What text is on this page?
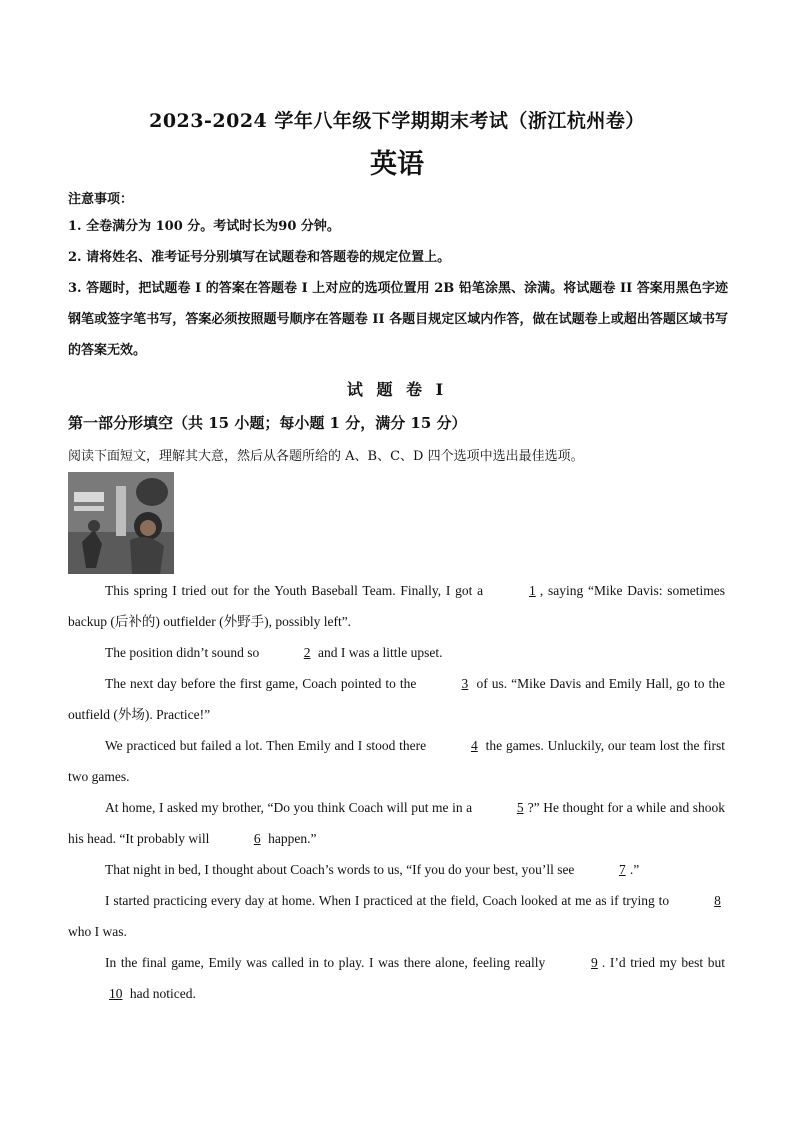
2023-2024 学年八年级下学期期末考试（浙江杭州卷）
英语
注意事项：
1. 全卷满分为 100 分。考试时长为90 分钟。
2. 请将姓名、准考证号分别填写在试题卷和答题卷的规定位置上。
3. 答题时，把试题卷 I 的答案在答题卷 I 上对应的选项位置用 2B 铅笔涂黑、涂满。将试题卷 II 答案用黑色字迹钢笔或签字笔书写，答案必须按照题号顺序在答题卷 II 各题目规定区域内作答，做在试题卷上或超出答题区域书写的答案无效。
试 题 卷 I
第一部分形填空（共 15 小题；每小题 1 分，满分 15 分）
阅读下面短文，理解其大意，然后从各题所给的 A、B、C、D 四个选项中选出最佳选项。

This spring I tried out for the Youth Baseball Team. Finally, I got a	1 , saying “Mike Davis: sometimes backup (后补的) outfielder (外野手), possibly left”.

The position didn’t sound so	2 and I was a little upset.

The next day before the first game, Coach pointed to the	3 of us. “Mike Davis and Emily Hall, go to the outfield (外场). Practice!”

We practiced but failed a lot. Then Emily and I stood there	4 the games. Unluckily, our team lost the first two games.

At home, I asked my brother, “Do you think Coach will put me in a	5 ?” He thought for a while and shook his head. “It probably will	6 happen.”

That night in bed, I thought about Coach’s words to us, “If you do your best, you’ll see	7 .”

I started practicing every day at home. When I practiced at the field, Coach looked at me as if trying to	8 who I was.

In the final game, Emily was called in to play. I was there alone, feeling really	9 . I’d tried my best but 10 had noticed.
